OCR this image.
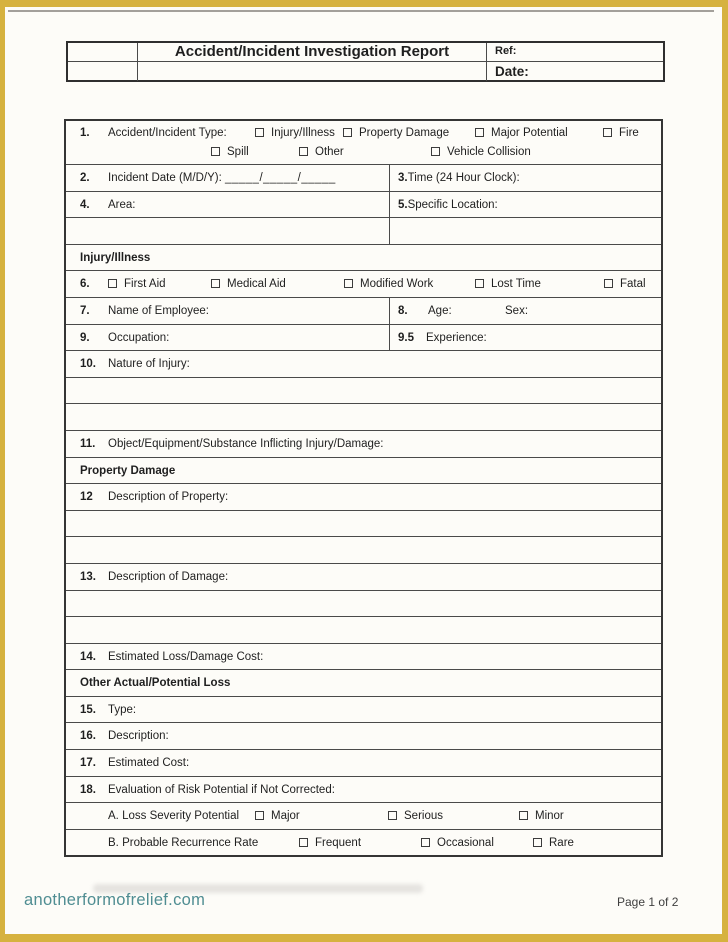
Accident/Incident Investigation Report	Ref:
Date:
1. Accident/Incident Type:	Injury/Illness	Property Damage	Major Potential	Fire
Spill	Other	Vehicle Collision
2. Incident Date (M/D/Y): _____/_____/_____	3.Time (24 Hour Clock):
4. Area:	5.Specific Location:
Injury/Illness
6.	First Aid	Medical Aid	Modified Work	Lost Time	Fatal
7. Name of Employee:	8. Age:	Sex:
9. Occupation:	9.5 Experience:
10. Nature of Injury:
11. Object/Equipment/Substance Inflicting Injury/Damage:
Property Damage
12 Description of Property:
13. Description of Damage:
14. Estimated Loss/Damage Cost:
Other Actual/Potential Loss
15. Type:
16. Description:
17. Estimated Cost:
18. Evaluation of Risk Potential if Not Corrected:
A. Loss Severity Potential	Major	Serious	Minor
B. Probable Recurrence Rate	Frequent	Occasional	Rare
anotherformofrelief.com	Page 1 of 2
